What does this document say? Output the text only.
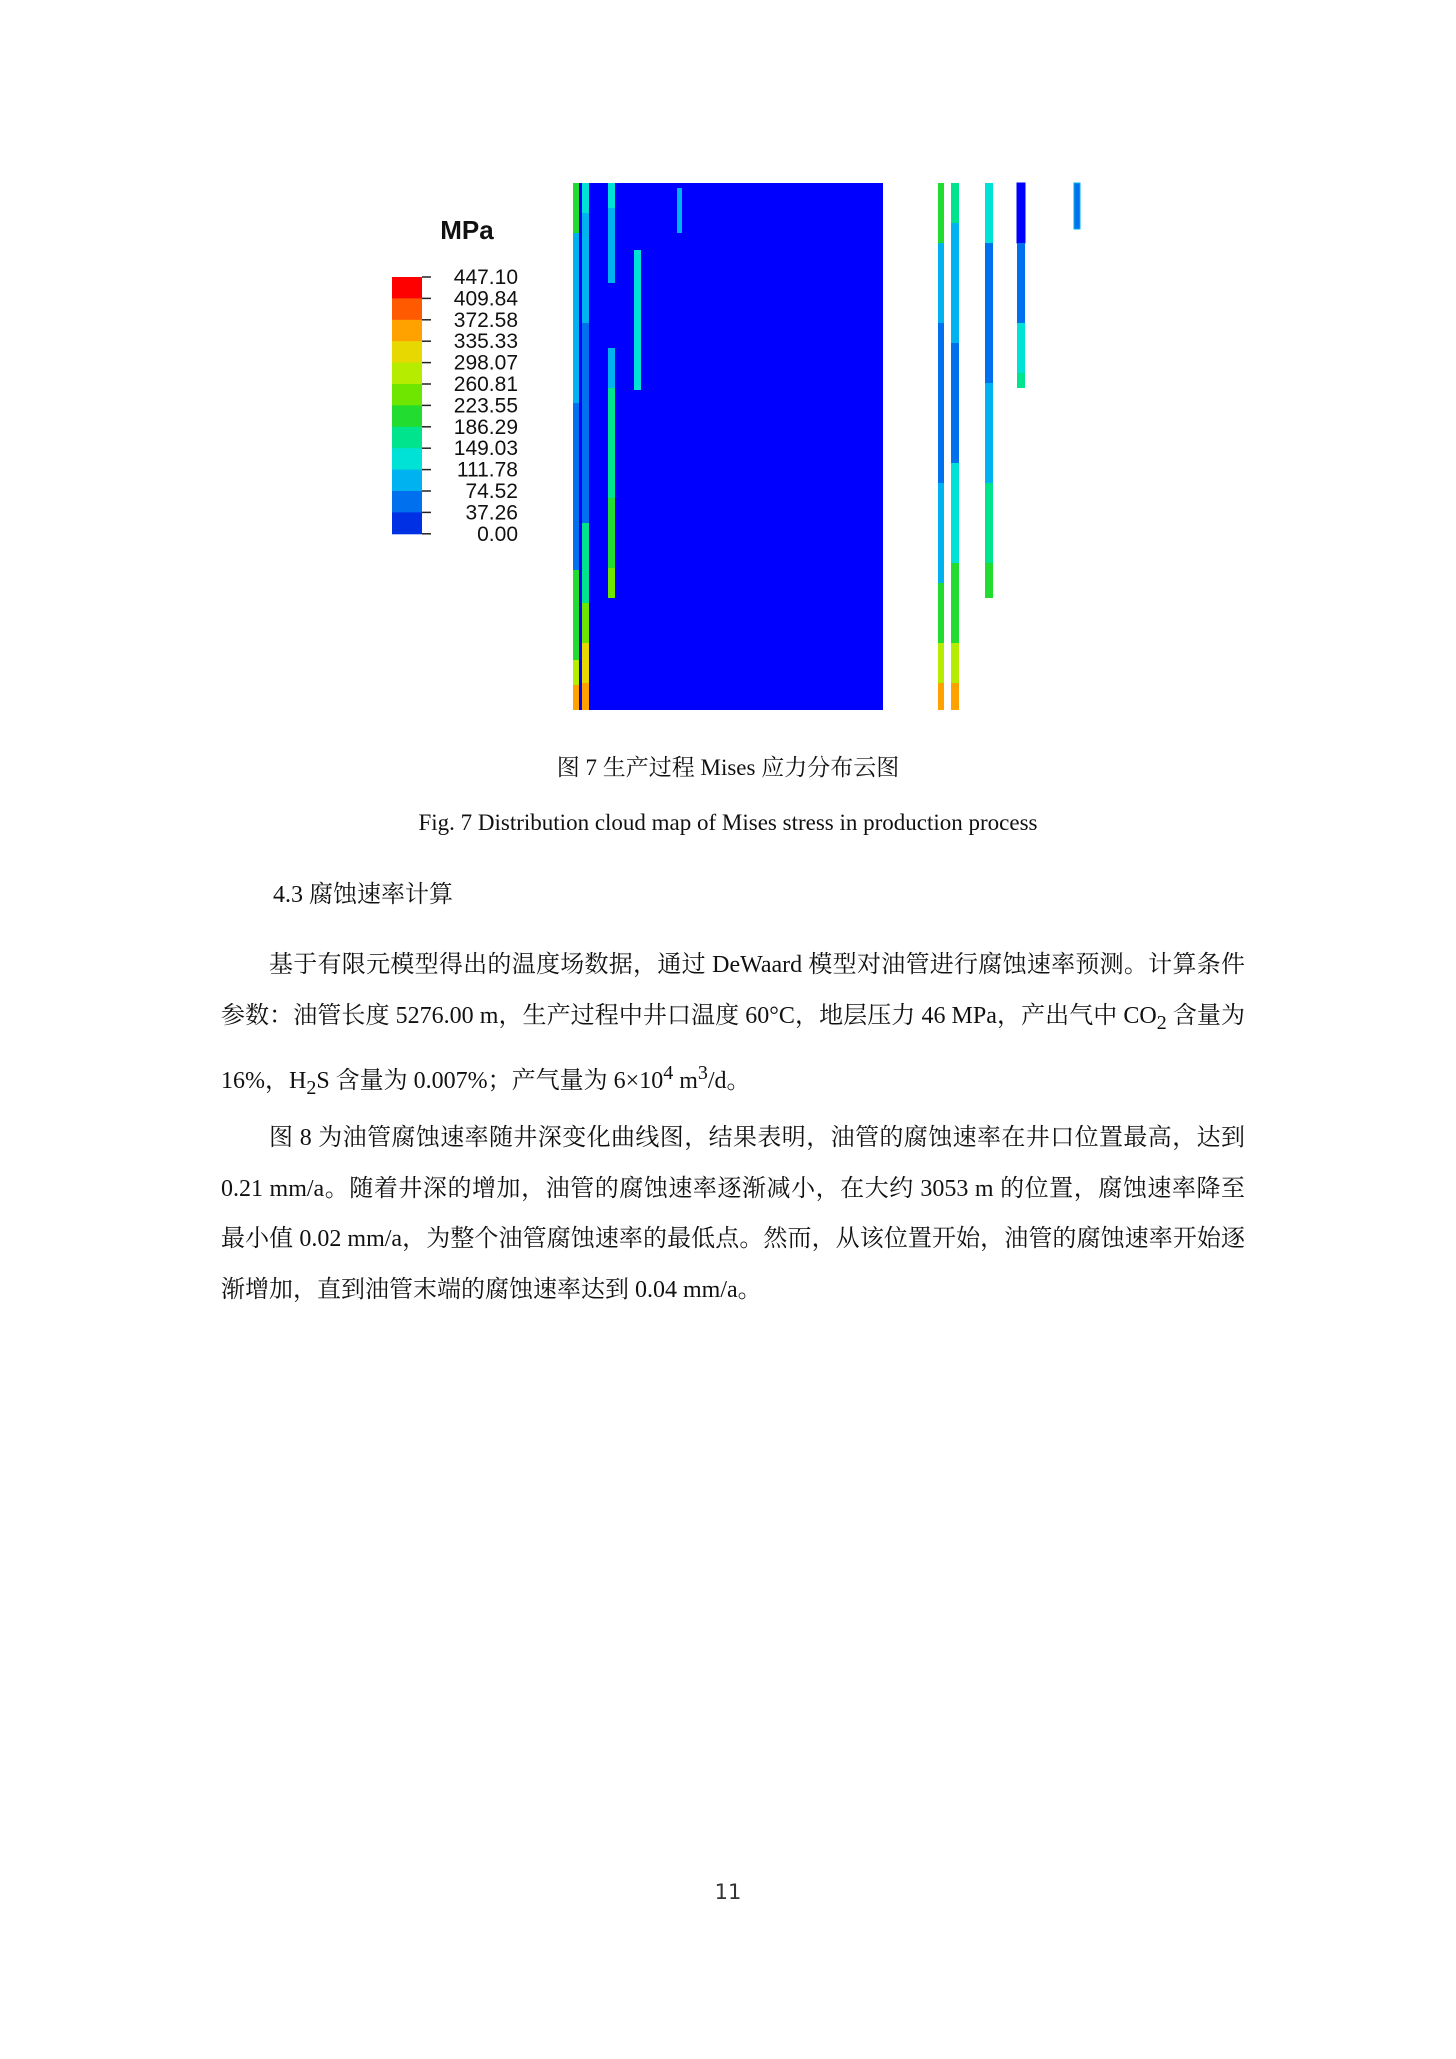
MPa
447.10
409.84
372.58
335.33
298.07
260.81
223.55
186.29
149.03
111.78
74.52
37.26
0.00
图 7 生产过程 Mises 应力分布云图
Fig. 7 Distribution cloud map of Mises stress in production process
4.3 腐蚀速率计算

基于有限元模型得出的温度场数据，通过 DeWaard 模型对油管进行腐蚀速率预测。计算条件参数：油管长度 5276.00 m，生产过程中井口温度 60°C，地层压力 46 MPa，产出气中 $CO_2$ 含量为 16%，$H_2S$ 含量为 0.007%；产气量为 $6\times 10^4$ $m^3/d$。

图 8 为油管腐蚀速率随井深变化曲线图，结果表明，油管的腐蚀速率在井口位置最高，达到 0.21 mm/a。随着井深的增加，油管的腐蚀速率逐渐减小，在大约 3053 m 的位置，腐蚀速率降至最小值 0.02 mm/a，为整个油管腐蚀速率的最低点。然而，从该位置开始，油管的腐蚀速率开始逐渐增加，直到油管末端的腐蚀速率达到 0.04 mm/a。

11
